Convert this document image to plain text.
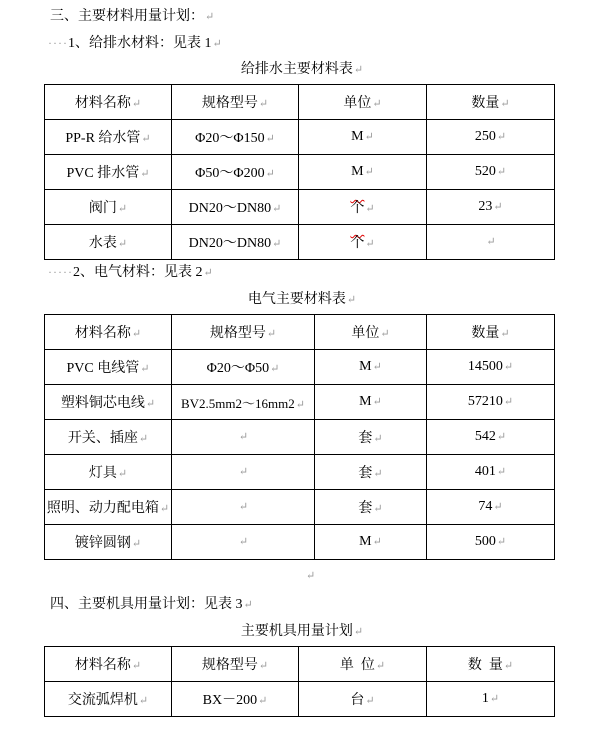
三、主要材料用量计划：↵
····1、给排水材料：见表 1↵
给排水主要材料表↵
材料名称↵	规格型号↵	单位↵	数量↵
PP-R 给水管↵	Φ20～Φ150↵	M↵	250↵
PVC 排水管↵	Φ50～Φ200↵	M↵	520↵
阀门↵	DN20～DN80↵	个↵	23↵
水表↵	DN20～DN80↵	个↵	↵
·····2、电气材料：见表 2↵
电气主要材料表↵
材料名称↵	规格型号↵	单位↵	数量↵
PVC 电线管↵	Φ20～Φ50↵	M↵	14500↵
塑料铜芯电线↵	BV2.5mm2～16mm2↵	M↵	57210↵
开关、插座↵	↵	套↵	542↵
灯具↵	↵	套↵	401↵
照明、动力配电箱↵	↵	套↵	74↵
镀锌圆钢↵	↵	M↵	500↵
↵
四、主要机具用量计划：见表 3↵
主要机具用量计划↵
材料名称↵	规格型号↵	单  位↵	数  量↵
交流弧焊机↵	BX－200↵	台↵	1↵
